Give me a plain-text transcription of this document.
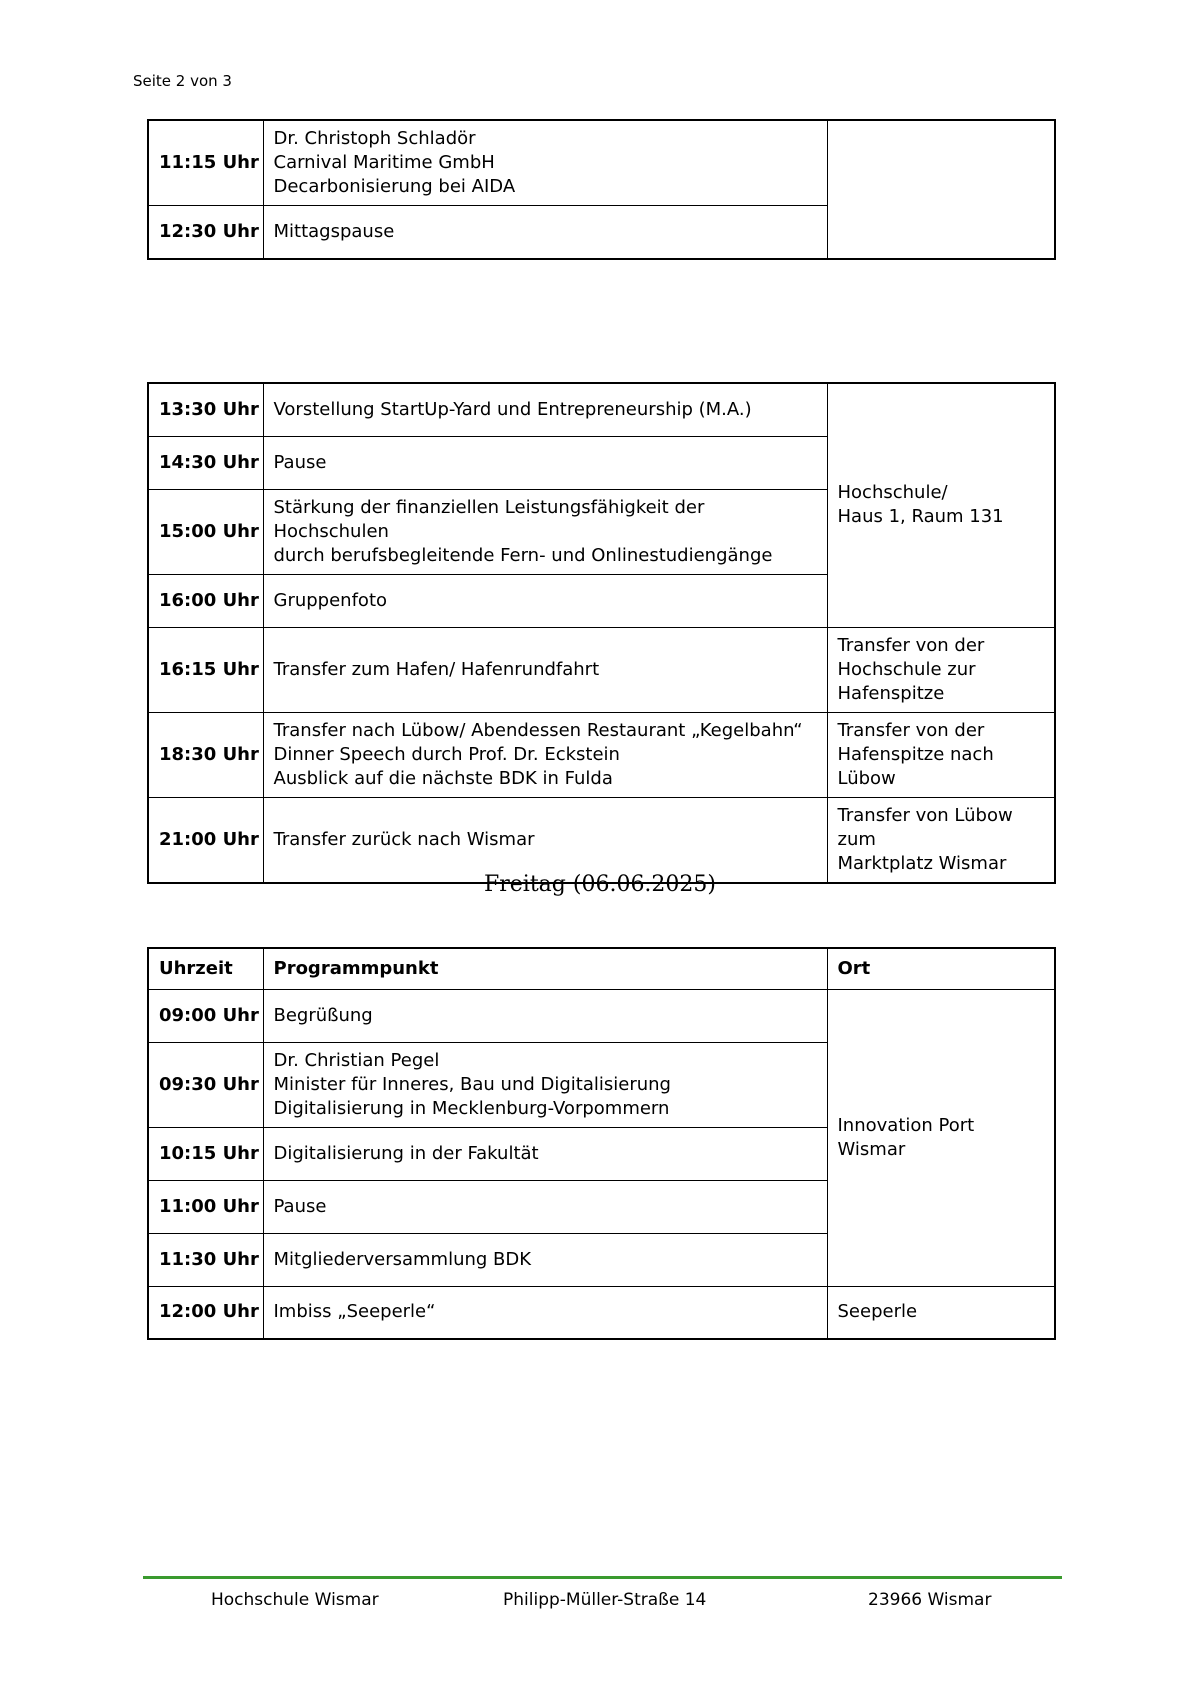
Seite 2 von 3
11:15 Uhr	Dr. Christoph Schladör
Carnival Maritime GmbH
Decarbonisierung bei AIDA	

12:30 Uhr	Mittagspause	
13:30 Uhr	Vorstellung StartUp-Yard und Entrepreneurship (M.A.)	Hochschule/
Haus 1, Raum 131

14:30 Uhr	Pause	
15:00 Uhr	Stärkung der finanziellen Leistungsfähigkeit der Hochschulen
durch berufsbegleitende Fern- und Onlinestudiengänge	

16:00 Uhr	Gruppenfoto	
16:15 Uhr	Transfer zum Hafen/ Hafenrundfahrt	Transfer von der
Hochschule zur
Hafenspitze

18:30 Uhr	Transfer nach Lübow/ Abendessen Restaurant „Kegelbahn“
Dinner Speech durch Prof. Dr. Eckstein
Ausblick auf die nächste BDK in Fulda	Transfer von der
Hafenspitze nach
Lübow

21:00 Uhr	Transfer zurück nach Wismar	Transfer von Lübow zum
Marktplatz Wismar
Freitag (06.06.2025)
Uhrzeit	Programmpunkt	Ort
09:00 Uhr	Begrüßung	Innovation Port Wismar
09:30 Uhr	Dr. Christian Pegel
Minister für Inneres, Bau und Digitalisierung
Digitalisierung in Mecklenburg-Vorpommern	

10:15 Uhr	Digitalisierung in der Fakultät	
11:00 Uhr	Pause	
11:30 Uhr	Mitgliederversammlung BDK	
12:00 Uhr	Imbiss „Seeperle“	Seeperle
Hochschule Wismar	Philipp-Müller-Straße 14	23966 Wismar
